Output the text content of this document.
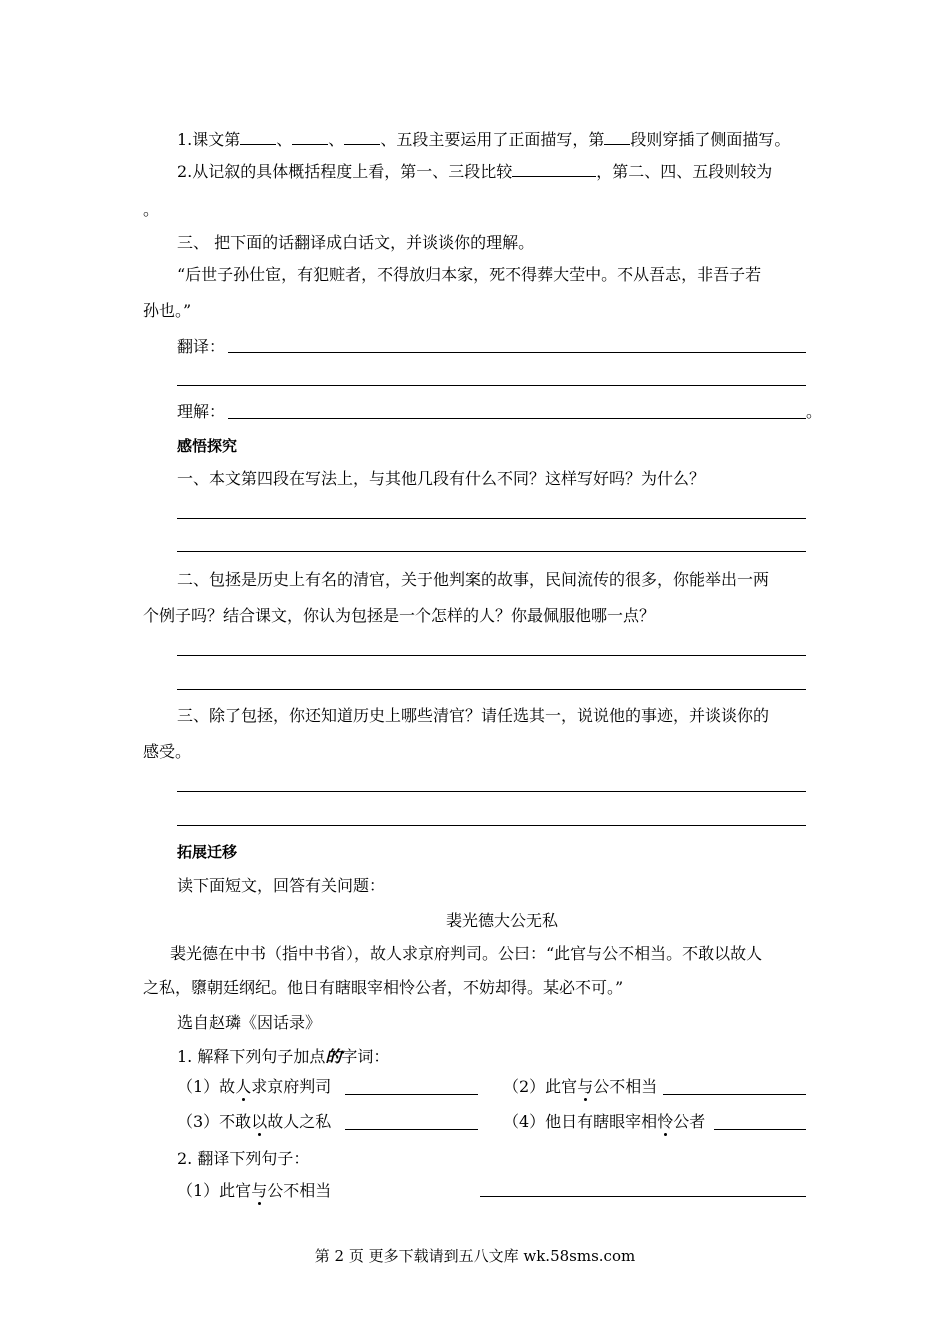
1.课文第 、 、 、五段主要运用了正面描写，第 段则穿插了侧面描写。
2.从记叙的具体概括程度上看，第一、三段比较	，第二、四、五段则较为
。
三、 把下面的话翻译成白话文，并谈谈你的理解。
“后世子孙仕宦，有犯赃者，不得放归本家，死不得葬大茔中。不从吾志，非吾子若
孙也。”
翻译：
理解：	。
感悟探究
一、本文第四段在写法上，与其他几段有什么不同？这样写好吗？为什么？
二、包拯是历史上有名的清官，关于他判案的故事，民间流传的很多，你能举出一两
个例子吗？结合课文，你认为包拯是一个怎样的人？你最佩服他哪一点？
三、除了包拯，你还知道历史上哪些清官？请任选其一，说说他的事迹，并谈谈你的
感受。
拓展迁移
读下面短文，回答有关问题：
裴光德大公无私
裴光德在中书（指中书省），故人求京府判司。公曰：“此官与公不相当。不敢以故人
之私，隳朝廷纲纪。他日有瞎眼宰相怜公者，不妨却得。某必不可。”
选自赵璘《因话录》
1. 解释下列句子加点的字词：
（1）故人求京府判司	（2）此官与公不相当
（3）不敢以故人之私	（4）他日有瞎眼宰相怜公者
2. 翻译下列句子：
（1）此官与公不相当
第 2 页 更多下载请到五八文库 wk.58sms.com
